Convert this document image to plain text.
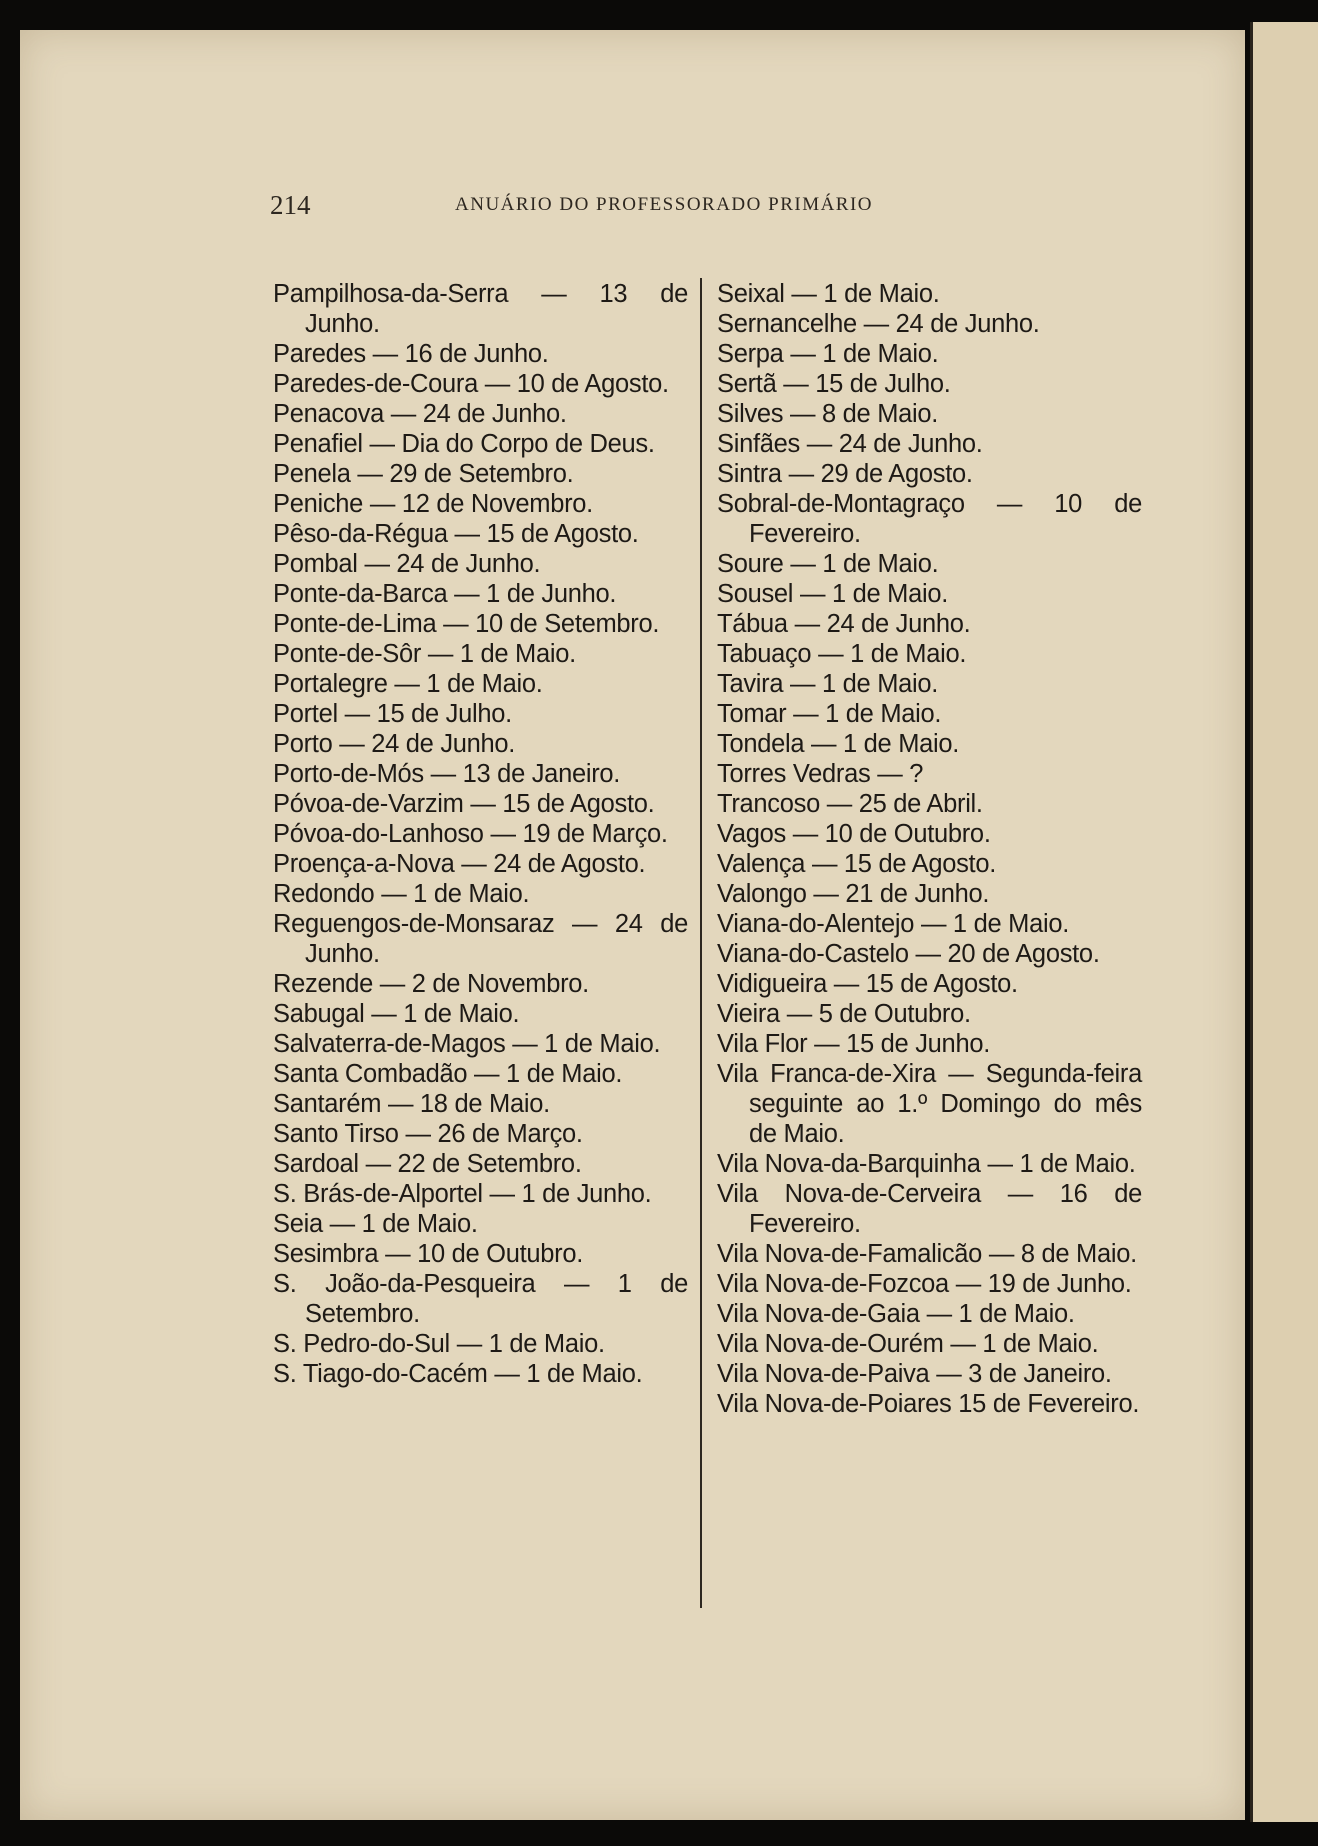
214	ANUÁRIO DO PROFESSORADO PRIMÁRIO
Pampilhosa-da-Serra — 13 de Junho.
Paredes — 16 de Junho.
Paredes-de-Coura — 10 de Agosto.
Penacova — 24 de Junho.
Penafiel — Dia do Corpo de Deus.
Penela — 29 de Setembro.
Peniche — 12 de Novembro.
Pêso-da-Régua — 15 de Agosto.
Pombal — 24 de Junho.
Ponte-da-Barca — 1 de Junho.
Ponte-de-Lima — 10 de Setembro.
Ponte-de-Sôr — 1 de Maio.
Portalegre — 1 de Maio.
Portel — 15 de Julho.
Porto — 24 de Junho.
Porto-de-Mós — 13 de Janeiro.
Póvoa-de-Varzim — 15 de Agosto.
Póvoa-do-Lanhoso — 19 de Março.
Proença-a-Nova — 24 de Agosto.
Redondo — 1 de Maio.
Reguengos-de-Monsaraz — 24 de Junho.
Rezende — 2 de Novembro.
Sabugal — 1 de Maio.
Salvaterra-de-Magos — 1 de Maio.
Santa Combadão — 1 de Maio.
Santarém — 18 de Maio.
Santo Tirso — 26 de Março.
Sardoal — 22 de Setembro.
S. Brás-de-Alportel — 1 de Junho.
Seia — 1 de Maio.
Sesimbra — 10 de Outubro.
S. João-da-Pesqueira — 1 de Setembro.
S. Pedro-do-Sul — 1 de Maio.
S. Tiago-do-Cacém — 1 de Maio.
Seixal — 1 de Maio.
Sernancelhe — 24 de Junho.
Serpa — 1 de Maio.
Sertã — 15 de Julho.
Silves — 8 de Maio.
Sinfães — 24 de Junho.
Sintra — 29 de Agosto.
Sobral-de-Montagraço — 10 de Fevereiro.
Soure — 1 de Maio.
Sousel — 1 de Maio.
Tábua — 24 de Junho.
Tabuaço — 1 de Maio.
Tavira — 1 de Maio.
Tomar — 1 de Maio.
Tondela — 1 de Maio.
Torres Vedras — ?
Trancoso — 25 de Abril.
Vagos — 10 de Outubro.
Valença — 15 de Agosto.
Valongo — 21 de Junho.
Viana-do-Alentejo — 1 de Maio.
Viana-do-Castelo — 20 de Agosto.
Vidigueira — 15 de Agosto.
Vieira — 5 de Outubro.
Vila Flor — 15 de Junho.
Vila Franca-de-Xira — Segunda-feira seguinte ao 1.º Domingo do mês de Maio.
Vila Nova-da-Barquinha — 1 de Maio.
Vila Nova-de-Cerveira — 16 de Fevereiro.
Vila Nova-de-Famalicão — 8 de Maio.
Vila Nova-de-Fozcoa — 19 de Junho.
Vila Nova-de-Gaia — 1 de Maio.
Vila Nova-de-Ourém — 1 de Maio.
Vila Nova-de-Paiva — 3 de Janeiro.
Vila Nova-de-Poiares 15 de Fevereiro.
